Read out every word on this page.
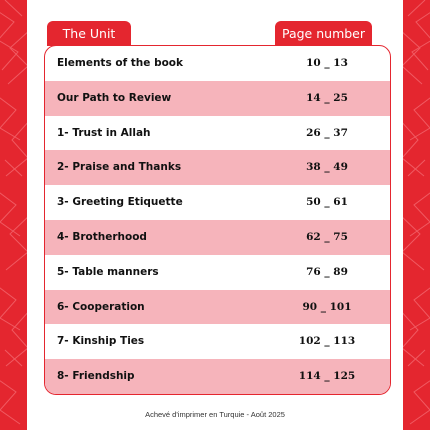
The Unit	Page number
Elements of the book	10 _ 13
Our Path to Review	14 _ 25
1- Trust in Allah	26 _ 37
2- Praise and Thanks	38 _ 49
3- Greeting Etiquette	50 _ 61
4- Brotherhood	62 _ 75
5- Table manners	76 _ 89
6- Cooperation	90 _ 101
7- Kinship Ties	102 _ 113
8- Friendship	114 _ 125
Achevé d'imprimer en Turquie - Août 2025
